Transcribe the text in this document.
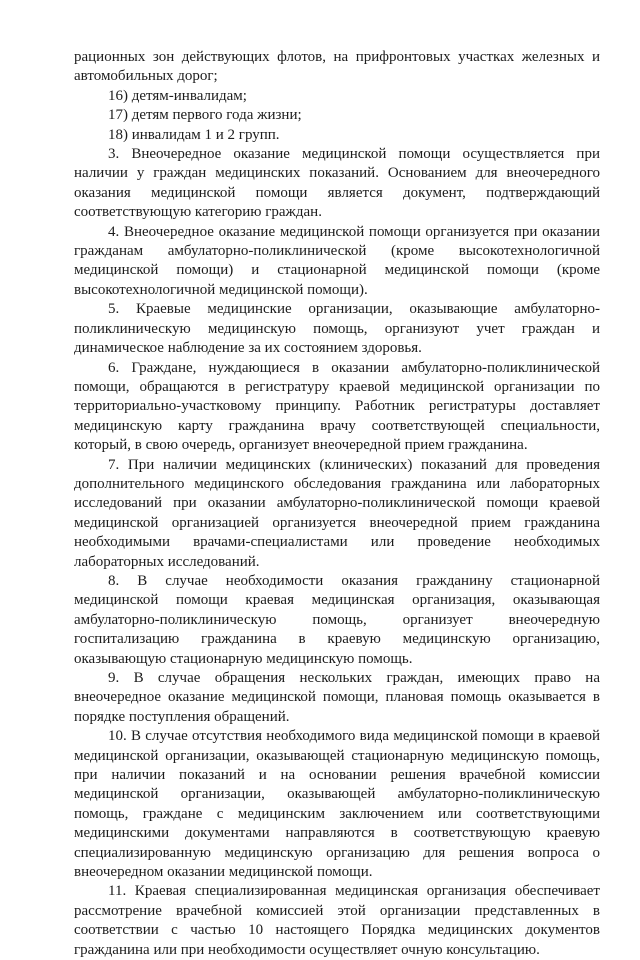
рационных зон действующих флотов, на прифронтовых участках железных и автомобильных дорог;

16) детям-инвалидам;

17) детям первого года жизни;

18) инвалидам 1 и 2 групп.

3. Внеочередное оказание медицинской помощи осуществляется при наличии у граждан медицинских показаний. Основанием для внеочередного оказания медицинской помощи является документ, подтверждающий соответствующую категорию граждан.

4. Внеочередное оказание медицинской помощи организуется при оказании гражданам амбулаторно-поликлинической (кроме высокотехнологичной медицинской помощи) и стационарной медицинской помощи (кроме высокотехнологичной медицинской помощи).

5. Краевые медицинские организации, оказывающие амбулаторно-поликлиническую медицинскую помощь, организуют учет граждан и динамическое наблюдение за их состоянием здоровья.

6. Граждане, нуждающиеся в оказании амбулаторно-поликлинической помощи, обращаются в регистратуру краевой медицинской организации по территориально-участковому принципу. Работник регистратуры доставляет медицинскую карту гражданина врачу соответствующей специальности, который, в свою очередь, организует внеочередной прием гражданина.

7. При наличии медицинских (клинических) показаний для проведения дополнительного медицинского обследования гражданина или лабораторных исследований при оказании амбулаторно-поликлинической помощи краевой медицинской организацией организуется внеочередной прием гражданина необходимыми врачами-специалистами или проведение необходимых лабораторных исследований.

8. В случае необходимости оказания гражданину стационарной медицинской помощи краевая медицинская организация, оказывающая амбулаторно-поликлиническую помощь, организует внеочередную госпитализацию гражданина в краевую медицинскую организацию, оказывающую стационарную медицинскую помощь.

9. В случае обращения нескольких граждан, имеющих право на внеочередное оказание медицинской помощи, плановая помощь оказывается в порядке поступления обращений.

10. В случае отсутствия необходимого вида медицинской помощи в краевой медицинской организации, оказывающей стационарную медицинскую помощь, при наличии показаний и на основании решения врачебной комиссии медицинской организации, оказывающей амбулаторно-поликлиническую помощь, граждане с медицинским заключением или соответствующими медицинскими документами направляются в соответствующую краевую специализированную медицинскую организацию для решения вопроса о внеочередном оказании медицинской помощи.

11. Краевая специализированная медицинская организация обеспечивает рассмотрение врачебной комиссией этой организации представленных в соответствии с частью 10 настоящего Порядка медицинских документов гражданина или при необходимости осуществляет очную консультацию.
